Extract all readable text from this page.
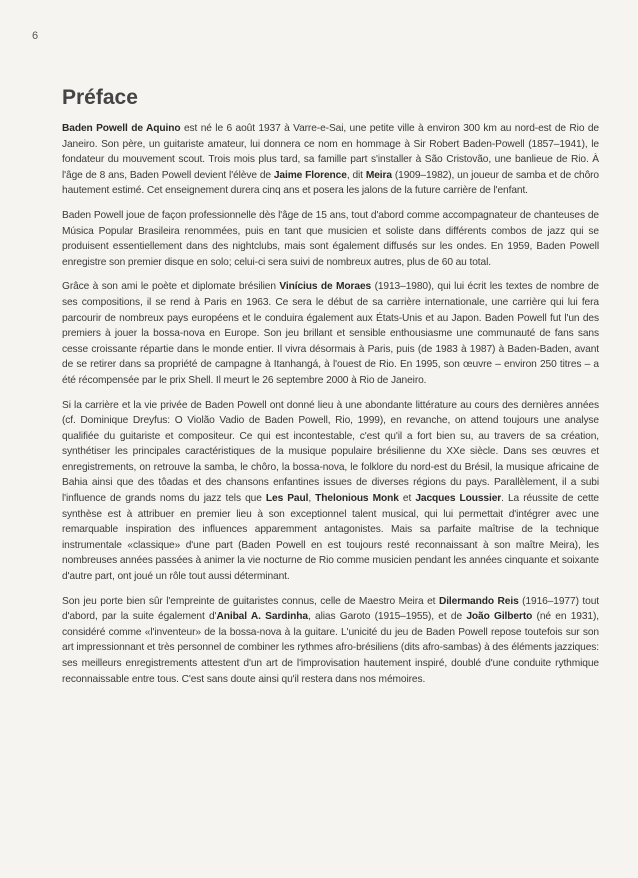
6
Préface

Baden Powell de Aquino est né le 6 août 1937 à Varre-e-Sai, une petite ville à environ 300 km au nord-est de Rio de Janeiro. Son père, un guitariste amateur, lui donnera ce nom en hommage à Sir Robert Baden-Powell (1857–1941), le fondateur du mouvement scout. Trois mois plus tard, sa famille part s'installer à São Cristovão, une banlieue de Rio. À l'âge de 8 ans, Baden Powell devient l'élève de Jaime Florence, dit Meira (1909–1982), un joueur de samba et de chôro hautement estimé. Cet enseignement durera cinq ans et posera les jalons de la future carrière de l'enfant.

Baden Powell joue de façon professionnelle dès l'âge de 15 ans, tout d'abord comme accompagnateur de chanteuses de Música Popular Brasileira renommées, puis en tant que musicien et soliste dans différents combos de jazz qui se produisent essentiellement dans des nightclubs, mais sont également diffusés sur les ondes. En 1959, Baden Powell enregistre son premier disque en solo; celui-ci sera suivi de nombreux autres, plus de 60 au total.

Grâce à son ami le poète et diplomate brésilien Vinícius de Moraes (1913–1980), qui lui écrit les textes de nombre de ses compositions, il se rend à Paris en 1963. Ce sera le début de sa carrière internationale, une carrière qui lui fera parcourir de nombreux pays européens et le conduira également aux États-Unis et au Japon. Baden Powell fut l'un des premiers à jouer la bossa-nova en Europe. Son jeu brillant et sensible enthousiasme une communauté de fans sans cesse croissante répartie dans le monde entier. Il vivra désormais à Paris, puis (de 1983 à 1987) à Baden-Baden, avant de se retirer dans sa propriété de campagne à Itanhangá, à l'ouest de Rio. En 1995, son œuvre – environ 250 titres – a été récompensée par le prix Shell. Il meurt le 26 septembre 2000 à Rio de Janeiro.

Si la carrière et la vie privée de Baden Powell ont donné lieu à une abondante littérature au cours des dernières années (cf. Dominique Dreyfus: O Violão Vadio de Baden Powell, Rio, 1999), en revanche, on attend toujours une analyse qualifiée du guitariste et compositeur. Ce qui est incontestable, c'est qu'il a fort bien su, au travers de sa création, synthétiser les principales caractéristiques de la musique populaire brésilienne du XXe siècle. Dans ses œuvres et enregistrements, on retrouve la samba, le chôro, la bossa-nova, le folklore du nord-est du Brésil, la musique africaine de Bahia ainsi que des tôadas et des chansons enfantines issues de diverses régions du pays. Parallèlement, il a subi l'influence de grands noms du jazz tels que Les Paul, Thelonious Monk et Jacques Loussier. La réussite de cette synthèse est à attribuer en premier lieu à son exceptionnel talent musical, qui lui permettait d'intégrer avec une remarquable inspiration des influences apparemment antagonistes. Mais sa parfaite maîtrise de la technique instrumentale «classique» d'une part (Baden Powell en est toujours resté reconnaissant à son maître Meira), les nombreuses années passées à animer la vie nocturne de Rio comme musicien pendant les années cinquante et soixante d'autre part, ont joué un rôle tout aussi déterminant.

Son jeu porte bien sûr l'empreinte de guitaristes connus, celle de Maestro Meira et Dilermando Reis (1916–1977) tout d'abord, par la suite également d'Anibal A. Sardinha, alias Garoto (1915–1955), et de João Gilberto (né en 1931), considéré comme «l'inventeur» de la bossa-nova à la guitare. L'unicité du jeu de Baden Powell repose toutefois sur son art impressionnant et très personnel de combiner les rythmes afro-brésiliens (dits afro-sambas) à des éléments jazziques: ses meilleurs enregistrements attestent d'un art de l'improvisation hautement inspiré, doublé d'une conduite rythmique reconnaissable entre tous. C'est sans doute ainsi qu'il restera dans nos mémoires.
